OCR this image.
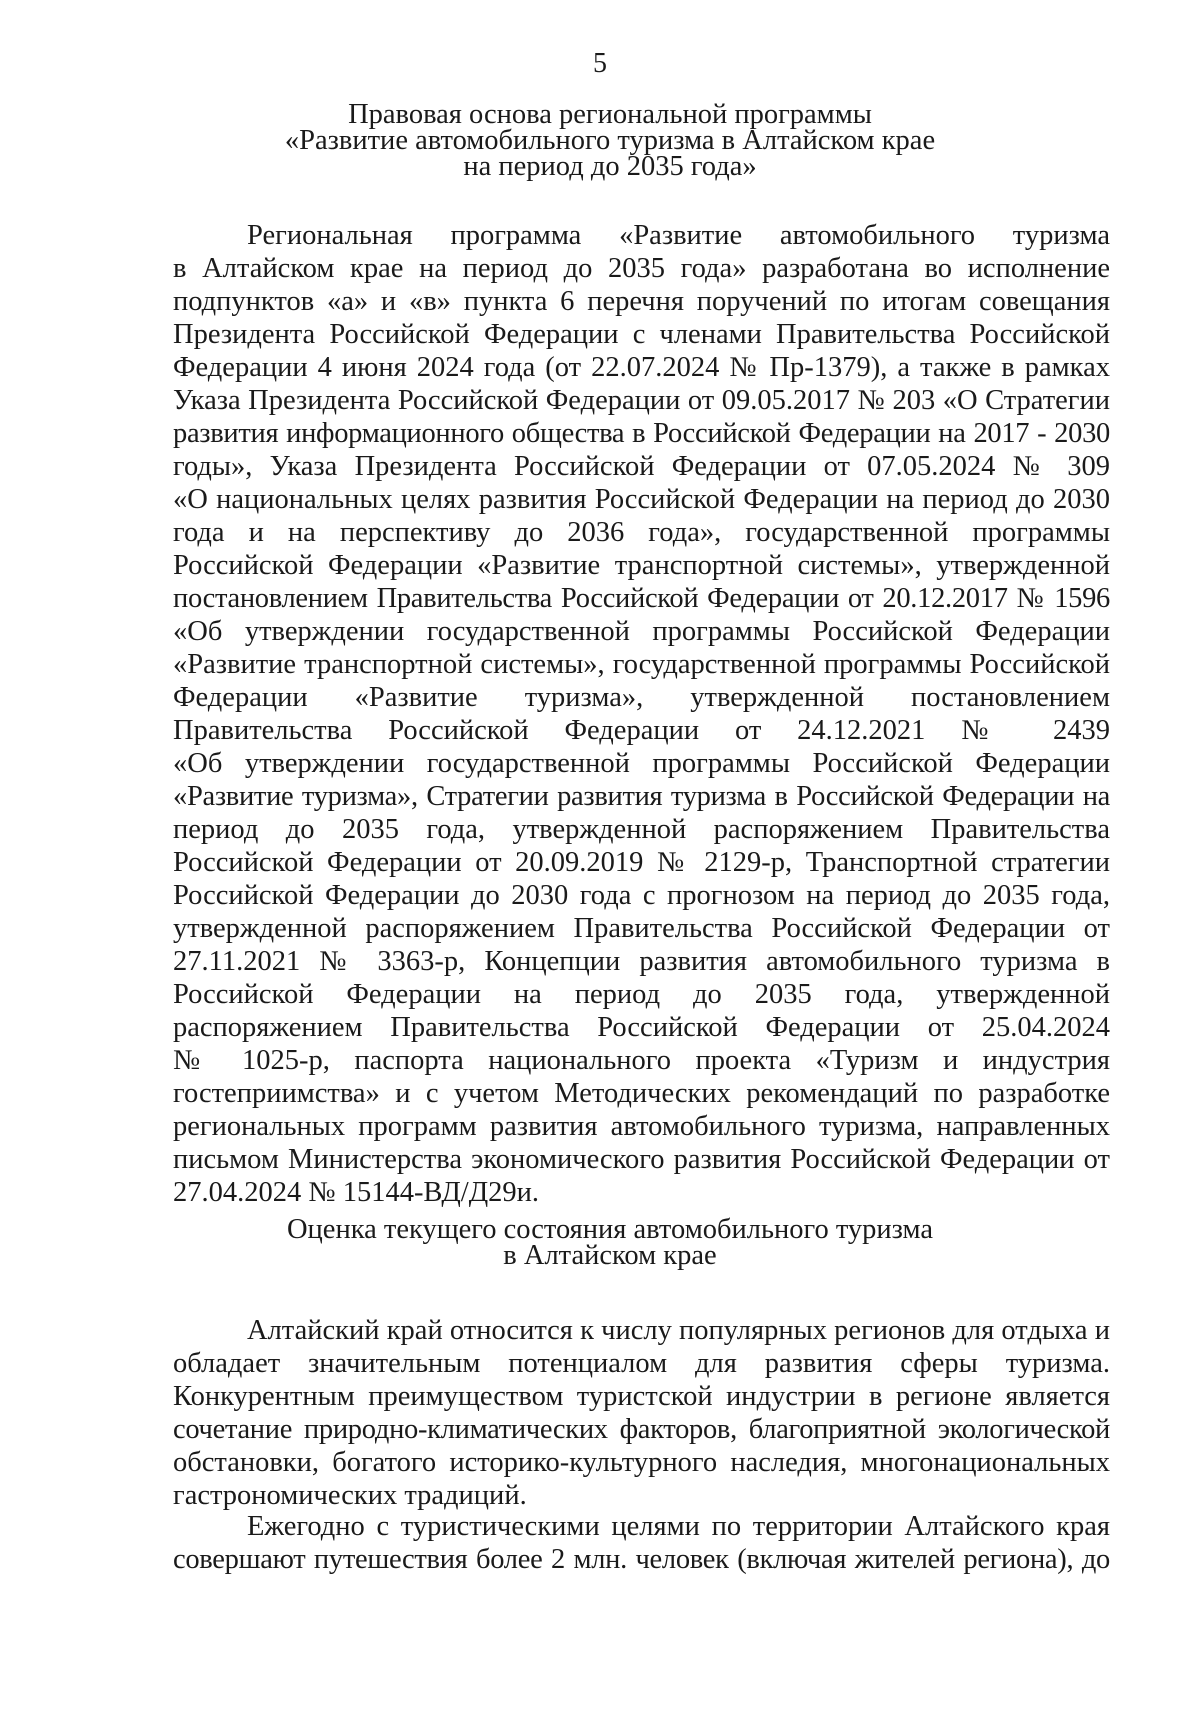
5
Правовая основа региональной программы
«Развитие автомобильного туризма в Алтайском крае
на период до 2035 года»
Региональная программа «Развитие автомобильного туризма
в Алтайском крае на период до 2035 года» разработана во исполнение
подпунктов «а» и «в» пункта 6 перечня поручений по итогам совещания
Президента Российской Федерации с членами Правительства Российской
Федерации 4 июня 2024 года (от 22.07.2024 № Пр-1379), а также в рамках
Указа Президента Российской Федерации от 09.05.2017 № 203 «О Стратегии
развития информационного общества в Российской Федерации на 2017 - 2030
годы», Указа Президента Российской Федерации от 07.05.2024 № 309
«О национальных целях развития Российской Федерации на период до 2030
года и на перспективу до 2036 года», государственной программы
Российской Федерации «Развитие транспортной системы», утвержденной
постановлением Правительства Российской Федерации от 20.12.2017 № 1596
«Об утверждении государственной программы Российской Федерации
«Развитие транспортной системы», государственной программы Российской
Федерации «Развитие туризма», утвержденной постановлением
Правительства Российской Федерации от 24.12.2021 № 2439
«Об утверждении государственной программы Российской Федерации
«Развитие туризма», Стратегии развития туризма в Российской Федерации на
период до 2035 года, утвержденной распоряжением Правительства
Российской Федерации от 20.09.2019 № 2129-р, Транспортной стратегии
Российской Федерации до 2030 года с прогнозом на период до 2035 года,
утвержденной распоряжением Правительства Российской Федерации от
27.11.2021 № 3363-р, Концепции развития автомобильного туризма в
Российской Федерации на период до 2035 года, утвержденной
распоряжением Правительства Российской Федерации от 25.04.2024
№ 1025-р, паспорта национального проекта «Туризм и индустрия
гостеприимства» и с учетом Методических рекомендаций по разработке
региональных программ развития автомобильного туризма, направленных
письмом Министерства экономического развития Российской Федерации от
27.04.2024 № 15144-ВД/Д29и.
Оценка текущего состояния автомобильного туризма
в Алтайском крае
Алтайский край относится к числу популярных регионов для отдыха и
обладает значительным потенциалом для развития сферы туризма.
Конкурентным преимуществом туристской индустрии в регионе является
сочетание природно-климатических факторов, благоприятной экологической
обстановки, богатого историко-культурного наследия, многонациональных
гастрономических традиций.
Ежегодно с туристическими целями по территории Алтайского края
совершают путешествия более 2 млн. человек (включая жителей региона), до
